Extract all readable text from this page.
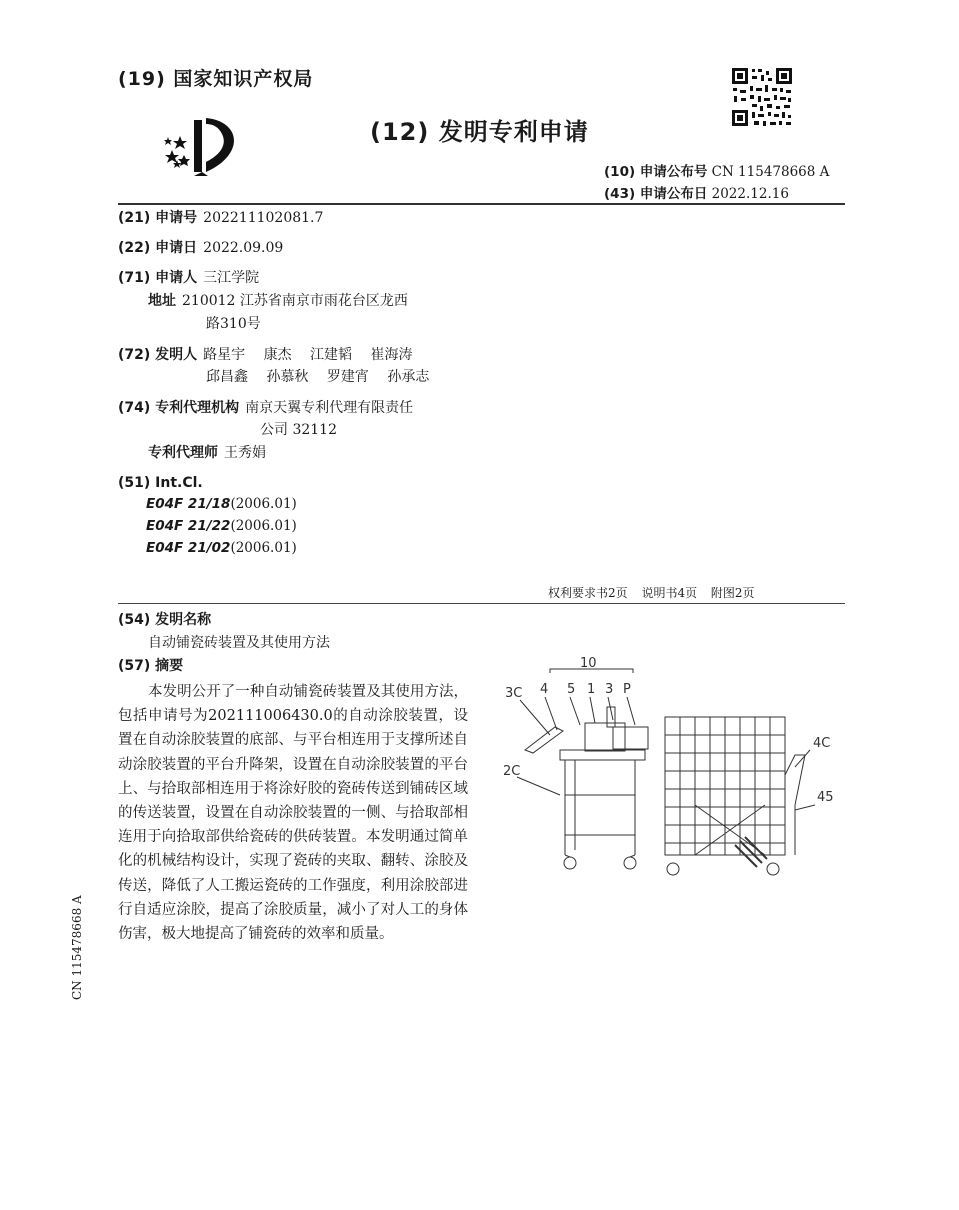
(19) 国家知识产权局
(12) 发明专利申请
(10) 申请公布号 CN 115478668 A
(43) 申请公布日 2022.12.16
(21) 申请号 202211102081.7
(22) 申请日 2022.09.09
(71) 申请人 三江学院
地址 210012 江苏省南京市雨花台区龙西
路310号
(72) 发明人 路星宇　 康杰　 江建韬　 崔海涛
邱昌鑫　 孙慕秋　 罗建宵　 孙承志
(74) 专利代理机构 南京天翼专利代理有限责任
公司 32112
专利代理师 王秀娟
(51) Int.Cl.
E04F 21/18(2006.01)
E04F 21/22(2006.01)
E04F 21/02(2006.01)
权利要求书2页 说明书4页 附图2页
(54) 发明名称
自动铺瓷砖装置及其使用方法
(57) 摘要
本发明公开了一种自动铺瓷砖装置及其使用方法，包括申请号为202111006430.0的自动涂胶装置，设置在自动涂胶装置的底部、与平台相连用于支撑所述自动涂胶装置的平台升降架，设置在自动涂胶装置的平台上、与拾取部相连用于将涂好胶的瓷砖传送到铺砖区域的传送装置，设置在自动涂胶装置的一侧、与拾取部相连用于向拾取部供给瓷砖的供砖装置。本发明通过简单化的机械结构设计，实现了瓷砖的夹取、翻转、涂胶及传送，降低了人工搬运瓷砖的工作强度，利用涂胶部进行自适应涂胶，提高了涂胶质量，减小了对人工的身体伤害，极大地提高了铺瓷砖的效率和质量。
10
3C 4 5 1 3 P
2C
4C
45
CN 115478668 A
